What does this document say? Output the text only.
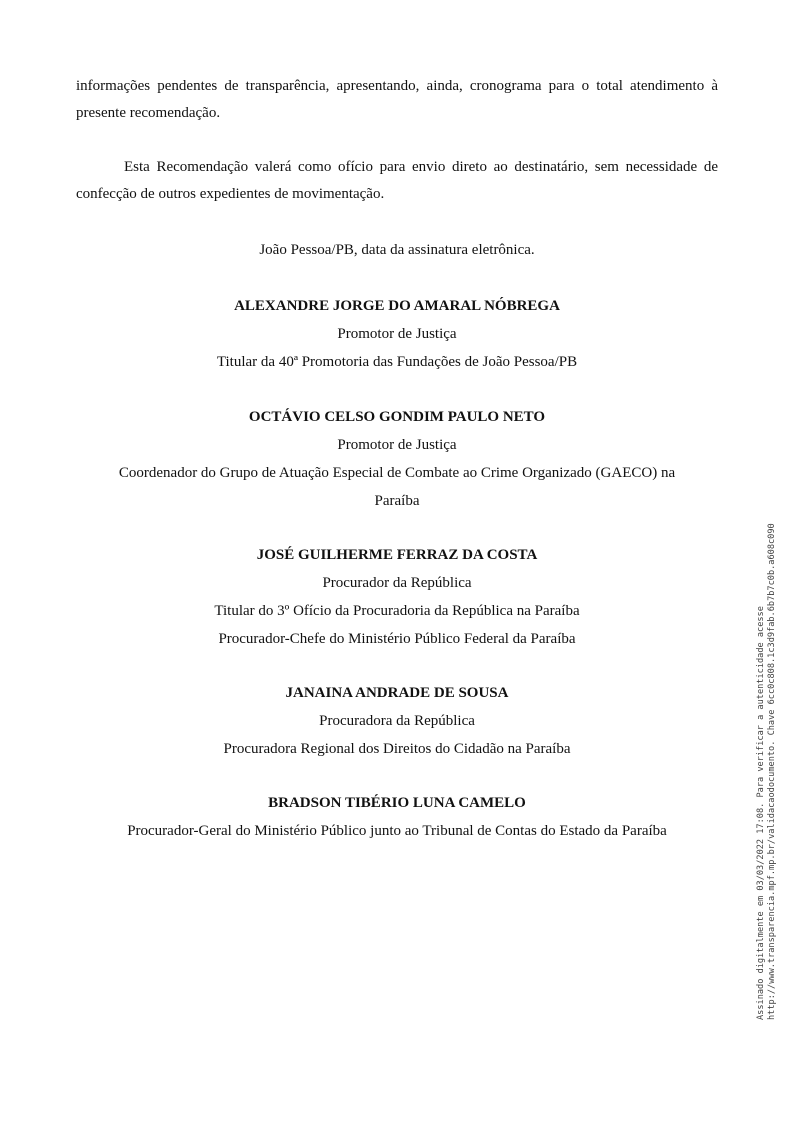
informações pendentes de transparência, apresentando, ainda, cronograma para o total atendimento à presente recomendação.

Esta Recomendação valerá como ofício para envio direto ao destinatário, sem necessidade de confecção de outros expedientes de movimentação.

João Pessoa/PB, data da assinatura eletrônica.

ALEXANDRE JORGE DO AMARAL NÓBREGA
Promotor de Justiça
Titular da 40ª Promotoria das Fundações de João Pessoa/PB
OCTÁVIO CELSO GONDIM PAULO NETO
Promotor de Justiça
Coordenador do Grupo de Atuação Especial de Combate ao Crime Organizado (GAECO) na
Paraíba
JOSÉ GUILHERME FERRAZ DA COSTA
Procurador da República
Titular do 3º Ofício da Procuradoria da República na Paraíba
Procurador-Chefe do Ministério Público Federal da Paraíba
JANAINA ANDRADE DE SOUSA
Procuradora da República
Procuradora Regional dos Direitos do Cidadão na Paraíba
BRADSON TIBÉRIO LUNA CAMELO
Procurador-Geral do Ministério Público junto ao Tribunal de Contas do Estado da Paraíba	Assinado digitalmente em 03/03/2022 17:08. Para verificar a autenticidade acesse http://www.transparencia.mpf.mp.br/validacaodocumento. Chave 6cc0c808.1c3d9fab.6b7b7c0b.a608c090
